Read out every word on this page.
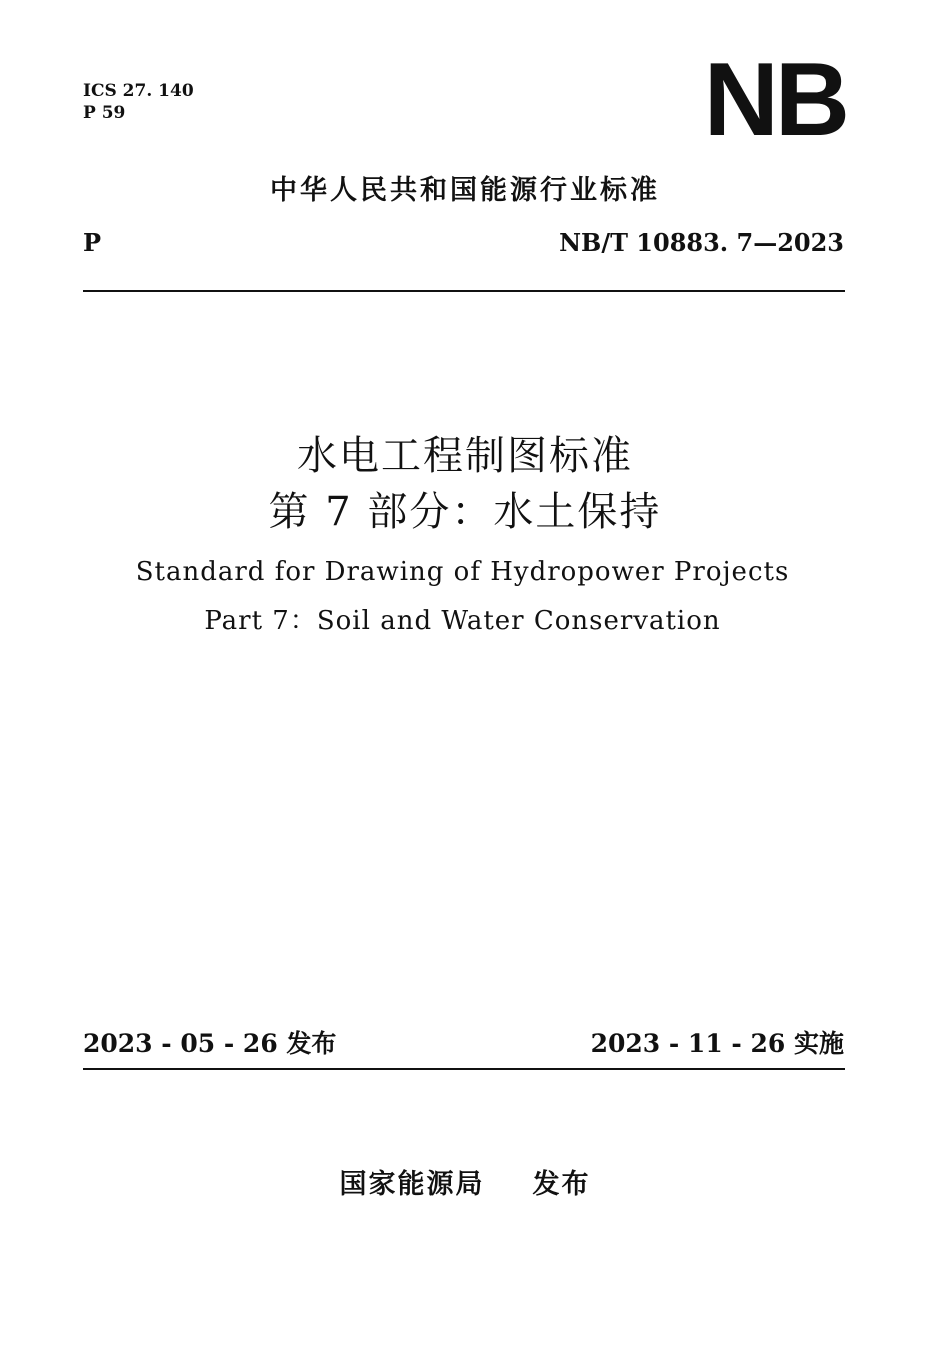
ICS 27. 140
P 59	NB
中华人民共和国能源行业标准
P	NB/T 10883. 7—2023
水电工程制图标准
第 7 部分：水土保持
Standard for Drawing of Hydropower Projects
Part 7：Soil and Water Conservation
2023 - 05 - 26 发布	2023 - 11 - 26 实施
国家能源局 发布
